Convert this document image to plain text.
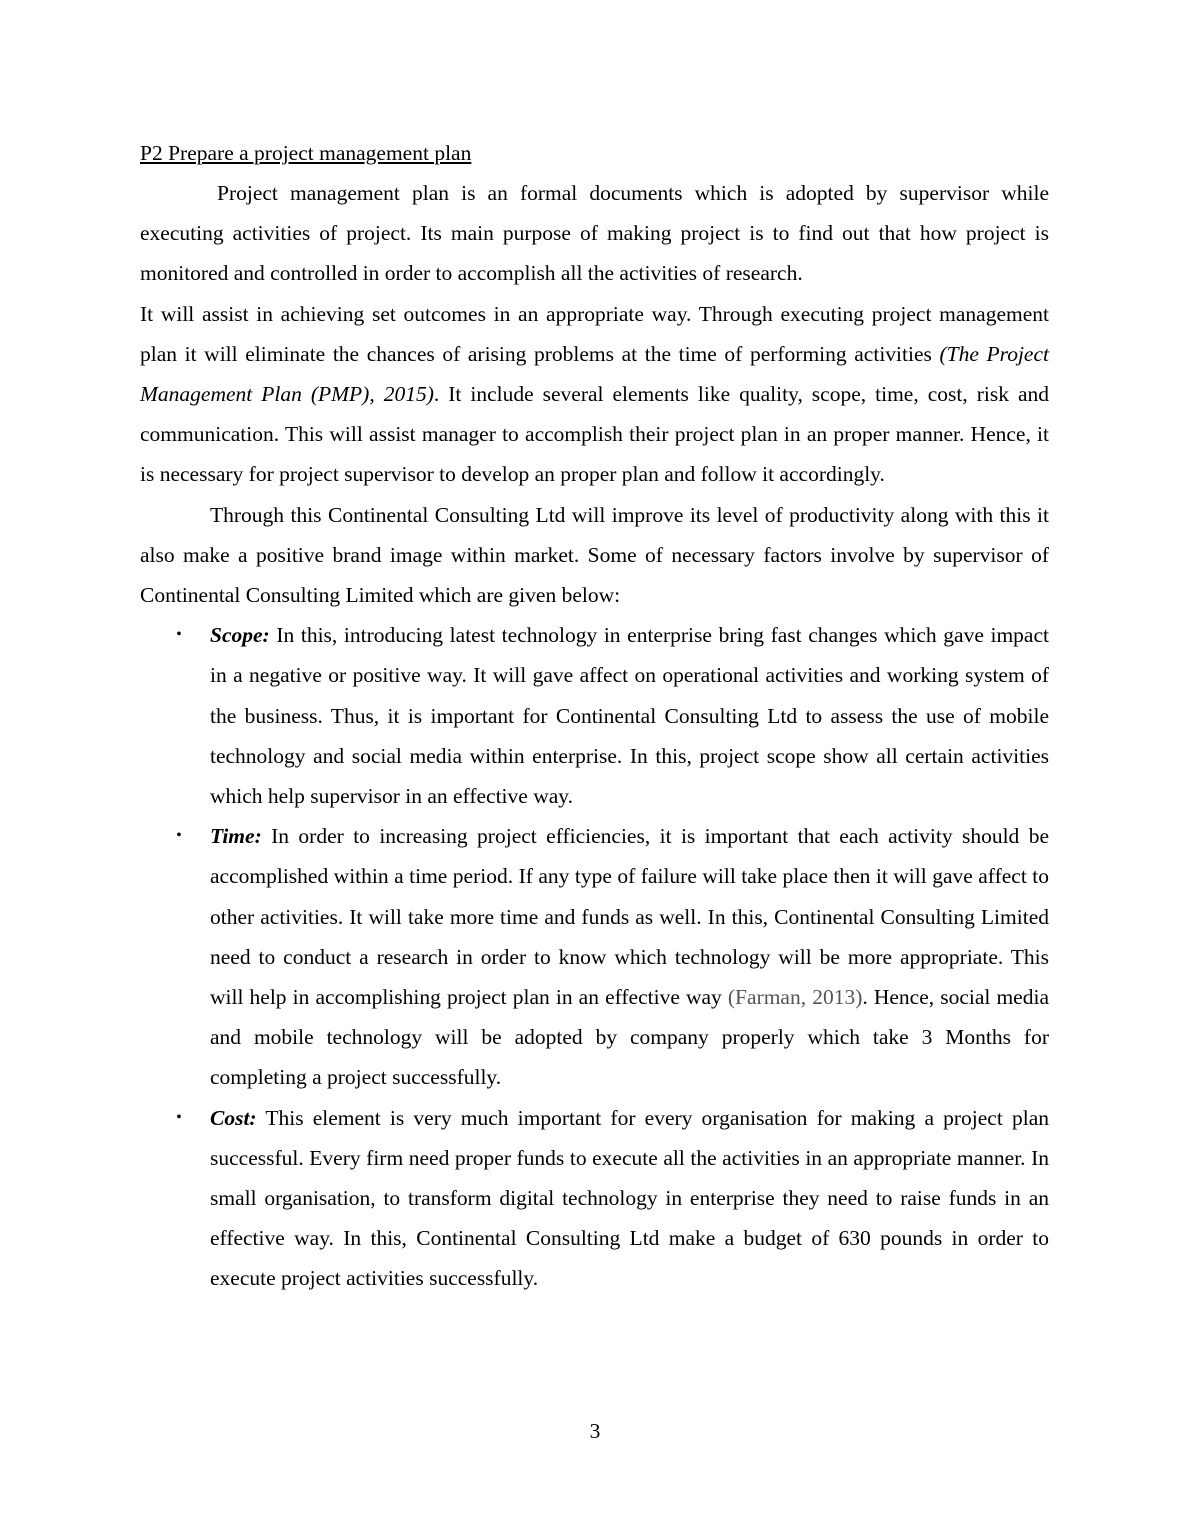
P2 Prepare a project management plan

Project management plan is an formal documents which is adopted by supervisor while executing activities of project. Its main purpose of making project is to find out that how project is monitored and controlled in order to accomplish all the activities of research.

It will assist in achieving set outcomes in an appropriate way. Through executing project management plan it will eliminate the chances of arising problems at the time of performing activities (The Project Management Plan (PMP), 2015). It include several elements like quality, scope, time, cost, risk and communication. This will assist manager to accomplish their project plan in an proper manner. Hence, it is necessary for project supervisor to develop an proper plan and follow it accordingly.

Through this Continental Consulting Ltd will improve its level of productivity along with this it also make a positive brand image within market. Some of necessary factors involve by supervisor of Continental Consulting Limited which are given below:

• Scope: In this, introducing latest technology in enterprise bring fast changes which gave impact in a negative or positive way. It will gave affect on operational activities and working system of the business. Thus, it is important for Continental Consulting Ltd to assess the use of mobile technology and social media within enterprise. In this, project scope show all certain activities which help supervisor in an effective way.
• Time: In order to increasing project efficiencies, it is important that each activity should be accomplished within a time period. If any type of failure will take place then it will gave affect to other activities. It will take more time and funds as well. In this, Continental Consulting Limited need to conduct a research in order to know which technology will be more appropriate. This will help in accomplishing project plan in an effective way (Farman, 2013). Hence, social media and mobile technology will be adopted by company properly which take 3 Months for completing a project successfully.
• Cost: This element is very much important for every organisation for making a project plan successful. Every firm need proper funds to execute all the activities in an appropriate manner. In small organisation, to transform digital technology in enterprise they need to raise funds in an effective way. In this, Continental Consulting Ltd make a budget of 630 pounds in order to execute project activities successfully.
3
